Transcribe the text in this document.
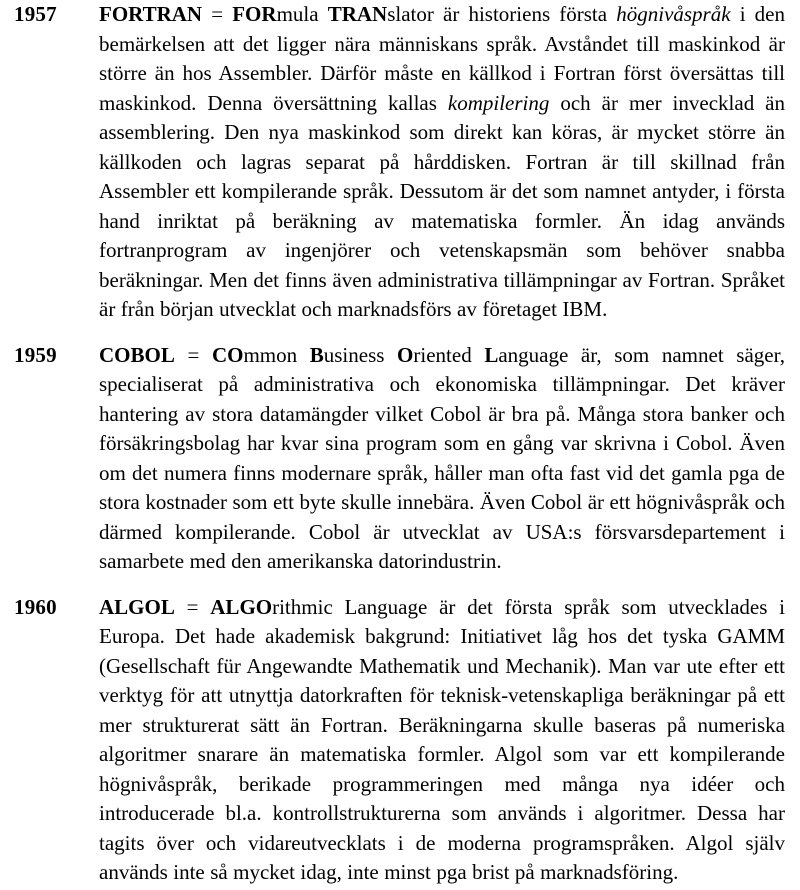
1957	FORTRAN = FORmula TRANslator är historiens första högnivåspråk i den bemärkelsen att det ligger nära människans språk. Avståndet till maskinkod är större än hos Assembler. Därför måste en källkod i Fortran först översättas till maskinkod. Denna översättning kallas kompilering och är mer invecklad än assemblering. Den nya maskinkod som direkt kan köras, är mycket större än källkoden och lagras separat på hårddisken. Fortran är till skillnad från Assembler ett kompilerande språk. Dessutom är det som namnet antyder, i första hand inriktat på beräkning av matematiska formler. Än idag används fortranprogram av ingenjörer och vetenskapsmän som behöver snabba beräkningar. Men det finns även administrativa tillämpningar av Fortran. Språket är från början utvecklat och marknadsförs av företaget IBM.
1959	COBOL = COmmon Business Oriented Language är, som namnet säger, specialiserat på administrativa och ekonomiska tillämpningar. Det kräver hantering av stora datamängder vilket Cobol är bra på. Många stora banker och försäkringsbolag har kvar sina program som en gång var skrivna i Cobol. Även om det numera finns modernare språk, håller man ofta fast vid det gamla pga de stora kostnader som ett byte skulle innebära. Även Cobol är ett högnivåspråk och därmed kompilerande. Cobol är utvecklat av USA:s försvarsdepartement i samarbete med den amerikanska datorindustrin.
1960	ALGOL = ALGOrithmic Language är det första språk som utvecklades i Europa. Det hade akademisk bakgrund: Initiativet låg hos det tyska GAMM (Gesellschaft für Angewandte Mathematik und Mechanik). Man var ute efter ett verktyg för att utnyttja datorkraften för teknisk-vetenskapliga beräkningar på ett mer strukturerat sätt än Fortran. Beräkningarna skulle baseras på numeriska algoritmer snarare än matematiska formler. Algol som var ett kompilerande högnivåspråk, berikade programmeringen med många nya idéer och introducerade bl.a. kontrollstrukturerna som används i algoritmer. Dessa har tagits över och vidareutvecklats i de moderna programspråken. Algol själv används inte så mycket idag, inte minst pga brist på marknadsföring.
